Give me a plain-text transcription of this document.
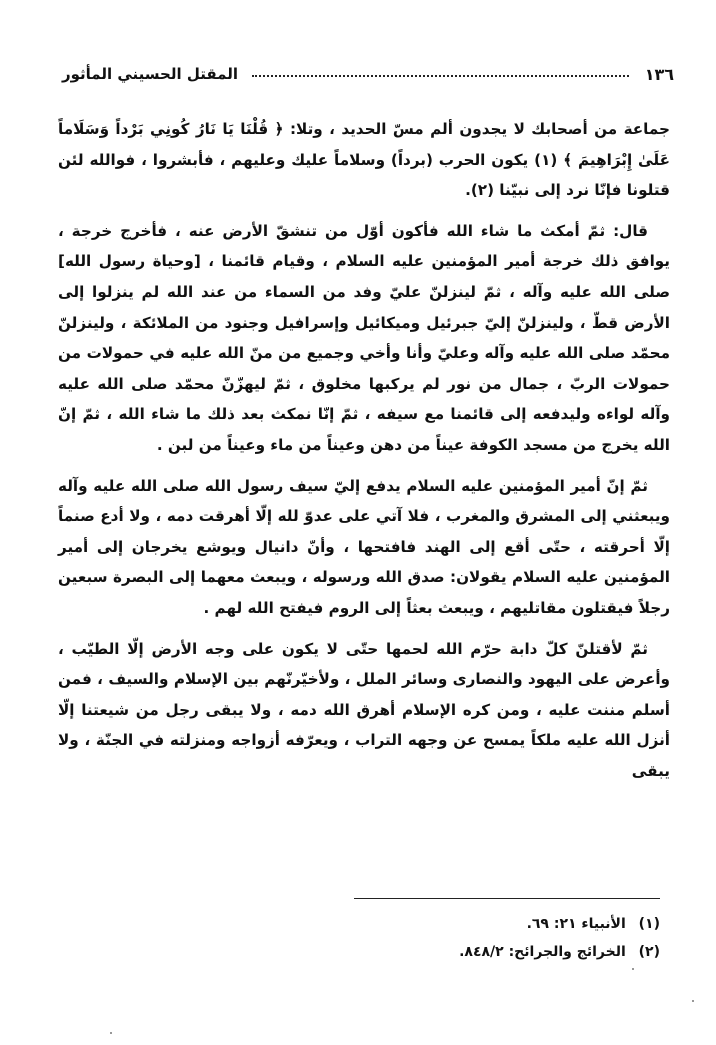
١٣٦
المقتل الحسيني المأثور

جماعة من أصحابك لا يجدون ألم مسّ الحديد ، وتلا: ﴿ قُلْنَا يَا نَارُ كُونِي بَرْداً وَسَلَاماً عَلَىٰ إِبْرَاهِيمَ ﴾ (١) يكون الحرب (برداً) وسلاماً عليك وعليهم ، فأبشروا ، فوالله لئن قتلونا فإنّا نرد إلى نبيّنا (٢).

قال: ثمّ أمكث ما شاء الله فأكون أوّل من تنشقّ الأرض عنه ، فأخرج خرجة ، يوافق ذلك خرجة أمير المؤمنين عليه السلام ، وقيام قائمنا ، [وحياة رسول الله] صلى الله عليه وآله ، ثمّ لينزلنّ عليّ وفد من السماء من عند الله لم ينزلوا إلى الأرض قطّ ، ولينزلنّ إليّ جبرئيل وميكائيل وإسرافيل وجنود من الملائكة ، ولينزلنّ محمّد صلى الله عليه وآله وعليّ وأنا وأخي وجميع من منّ الله عليه في حمولات من حمولات الربّ ، جمال من نور لم يركبها مخلوق ، ثمّ ليهزّنّ محمّد صلى الله عليه وآله لواءه وليدفعه إلى قائمنا مع سيفه ، ثمّ إنّا نمكث بعد ذلك ما شاء الله ، ثمّ إنّ الله يخرج من مسجد الكوفة عيناً من دهن وعيناً من ماء وعيناً من لبن .

ثمّ إنّ أمير المؤمنين عليه السلام يدفع إليّ سيف رسول الله صلى الله عليه وآله ويبعثني إلى المشرق والمغرب ، فلا آتي على عدوّ لله إلّا أهرقت دمه ، ولا أدع صنماً إلّا أحرقته ، حتّى أقع إلى الهند فافتحها ، وأنّ دانيال ويوشع يخرجان إلى أمير المؤمنين عليه السلام يقولان: صدق الله ورسوله ، ويبعث معهما إلى البصرة سبعين رجلاً فيقتلون مقاتليهم ، ويبعث بعثاً إلى الروم فيفتح الله لهم .

ثمّ لأقتلنّ كلّ دابة حرّم الله لحمها حتّى لا يكون على وجه الأرض إلّا الطيّب ، وأعرض على اليهود والنصارى وسائر الملل ، ولأخيّرنّهم بين الإسلام والسيف ، فمن أسلم مننت عليه ، ومن كره الإسلام أهرق الله دمه ، ولا يبقى رجل من شيعتنا إلّا أنزل الله عليه ملكاً يمسح عن وجهه التراب ، ويعرّفه أزواجه ومنزلته في الجنّة ، ولا يبقى

(١) الأنبياء ٢١: ٦٩.
(٢) الخرائج والجرائح: ٨٤٨/٢.
